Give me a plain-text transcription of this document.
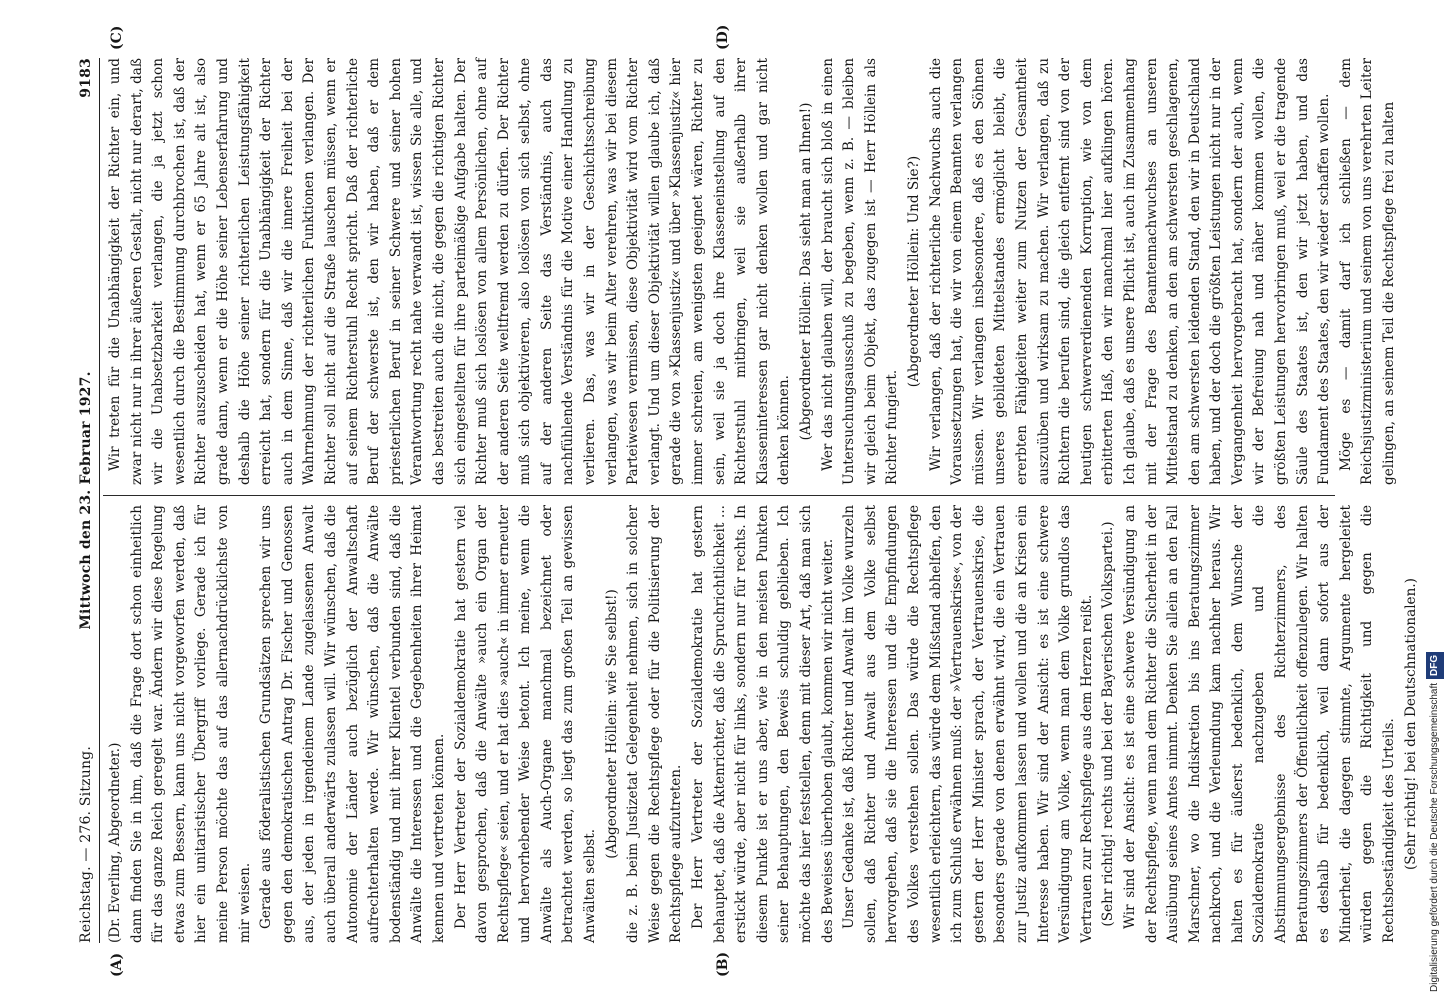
Reichstag. — 276. Sitzung.
Mittwoch den 23. Februar 1927.
9183

(Dr. Everling, Abgeordneter.) dann finden Sie in ihm, daß die Frage dort schon einheitlich für das ganze Reich geregelt war. Ändern wir diese Regelung etwas zum Bessern, kann uns nicht vorgeworfen werden, daß hier ein unitaristischer Übergriff vorliege. Gerade ich für meine Person möchte das auf das allernachdrücklichste von mir weisen. Gerade aus föderalistischen Grundsätzen sprechen wir uns gegen den demokratischen Antrag Dr. Fischer und Genossen aus, der jeden in irgendeinem Lande zugelassenen Anwalt auch überall anderwärts zulassen will. Wir wünschen, daß die Autonomie der Länder auch bezüglich der Anwaltschaft aufrechterhalten werde. Wir wünschen, daß die Anwälte bodenständig und mit ihrer Klientel verbunden sind, daß die Anwälte die Interessen und die Gegebenheiten ihrer Heimat kennen und vertreten können. Der Herr Vertreter der Sozialdemokratie hat gestern viel davon gesprochen, daß die Anwälte »auch ein Organ der Rechtspflege« seien, und er hat dies »auch« in immer erneuter und hervorhebender Weise betont. Ich meine, wenn die Anwälte als Auch-Organe manchmal bezeichnet oder betrachtet werden, so liegt das zum großen Teil an gewissen Anwälten selbst.

(Abgeordneter Höllein: wie Sie selbst!) die z. B. beim Justizetat Gelegenheit nehmen, sich in solcher Weise gegen die Rechtspflege oder für die Politisierung der Rechtspflege aufzutreten. Der Herr Vertreter der Sozialdemokratie hat gestern behauptet, daß die Aktenrichter, daß die Spruchrichtlichkeit ... erstickt würde, aber nicht für links, sondern nur für rechts. In diesem Punkte ist er uns aber, wie in den meisten Punkten seiner Behauptungen, den Beweis schuldig geblieben. Ich möchte das hier feststellen, denn mit dieser Art, daß man sich des Beweises überhoben glaubt, kommen wir nicht weiter. Unser Gedanke ist, daß Richter und Anwalt im Volke wurzeln sollen, daß Richter und Anwalt aus dem Volke selbst hervorgehen, daß sie die Interessen und die Empfindungen des Volkes verstehen sollen. Das würde die Rechtspflege wesentlich erleichtern, das würde dem Mißstand abhelfen, den ich zum Schluß erwähnen muß: der »Vertrauenskrise«, von der gestern der Herr Minister sprach, der Vertrauenskrise, die besonders gerade von denen erwähnt wird, die ein Vertrauen zur Justiz aufkommen lassen und wollen und die an Krisen ein Interesse haben. Wir sind der Ansicht: es ist eine schwere Versündigung am Volke, wenn man dem Volke grundlos das Vertrauen zur Rechtspflege aus dem Herzen reißt. (Sehr richtig! rechts und bei der Bayerischen Volkspartei.) Wir sind der Ansicht: es ist eine schwere Versündigung an der Rechtspflege, wenn man dem Richter die Sicherheit in der Ausübung seines Amtes nimmt. Denken Sie allein an den Fall Marschner, wo die Indiskretion bis ins Beratungszimmer nachkroch, und die Verleumdung kam nachher heraus. Wir halten es für äußerst bedenklich, dem Wunsche der Sozialdemokratie nachzugeben und die Abstimmungsergebnisse des Richterzimmers, des Beratungszimmers der Öffentlichkeit offenzulegen. Wir halten es deshalb für bedenklich, weil dann sofort aus der Minderheit, die dagegen stimmte, Argumente hergeleitet würden gegen die Richtigkeit und gegen die Rechtsbeständigkeit des Urteils. (Sehr richtig! bei den Deutschnationalen.)

Wir treten für die Unabhängigkeit der Richter ein, und zwar nicht nur in ihrer äußeren Gestalt, nicht nur derart, daß wir die Unabsetzbarkeit verlangen, die ja jetzt schon wesentlich durch die Bestimmung durchbrochen ist, daß der Richter auszuscheiden hat, wenn er 65 Jahre alt ist, also grade dann, wenn er die Höhe seiner Lebenserfahrung und deshalb die Höhe seiner richterlichen Leistungsfähigkeit erreicht hat, sondern für die Unabhängigkeit der Richter auch in dem Sinne, daß wir die innere Freiheit bei der Wahrnehmung der richterlichen Funktionen verlangen. Der Richter soll nicht auf die Straße lauschen müssen, wenn er auf seinem Richterstuhl Recht spricht. Daß der richterliche Beruf der schwerste ist, den wir haben, daß er dem priesterlichen Beruf in seiner Schwere und seiner hohen Verantwortung recht nahe verwandt ist, wissen Sie alle, und das bestreiten auch die nicht, die gegen die richtigen Richter sich eingestellten für ihre parteimäßige Aufgabe halten. Der Richter muß sich loslösen von allem Persönlichen, ohne auf der anderen Seite weltfremd werden zu dürfen. Der Richter muß sich objektivieren, also loslösen von sich selbst, ohne auf der anderen Seite das Verständnis, auch das nachfühlende Verständnis für die Motive einer Handlung zu verlieren. Das, was wir in der Geschichtsschreibung verlangen, was wir beim Alter verehren, was wir bei diesem Parteiwesen vermissen, diese Objektivität wird vom Richter verlangt. Und um dieser Objektivität willen glaube ich, daß gerade die von »Klassenjustiz« und über »Klassenjustiz« hier immer schreien, am wenigsten geeignet wären, Richter zu sein, weil sie ja doch ihre Klasseneinstellung auf den Richterstuhl mitbringen, weil sie außerhalb ihrer Klasseninteressen gar nicht denken wollen und gar nicht denken können. (Abgeordneter Höllein: Das sieht man an Ihnen!) Wer das nicht glauben will, der braucht sich bloß in einen Untersuchungsausschuß zu begeben, wenn z. B. — bleiben wir gleich beim Objekt, das zugegen ist — Herr Höllein als Richter fungiert.

(Abgeordneter Höllein: Und Sie?) Wir verlangen, daß der richterliche Nachwuchs auch die Voraussetzungen hat, die wir von einem Beamten verlangen müssen. Wir verlangen insbesondere, daß es den Söhnen unseres gebildeten Mittelstandes ermöglicht bleibt, die ererbten Fähigkeiten weiter zum Nutzen der Gesamtheit auszuüben und wirksam zu machen. Wir verlangen, daß zu Richtern die berufen sind, die gleich entfernt sind von der heutigen schwerverdienenden Korruption, wie von dem erbitterten Haß, den wir manchmal hier aufklingen hören. Ich glaube, daß es unsere Pflicht ist, auch im Zusammenhang mit der Frage des Beamtennachwuchses an unseren Mittelstand zu denken, an den am schwersten geschlagenen, den am schwersten leidenden Stand, den wir in Deutschland haben, und der doch die größten Leistungen nicht nur in der Vergangenheit hervorgebracht hat, sondern der auch, wenn wir der Befreiung nah und näher kommen wollen, die größten Leistungen hervorbringen muß, weil er die tragende Säule des Staates ist, den wir jetzt haben, und das Fundament des Staates, den wir wieder schaffen wollen. Möge es — damit darf ich schließen — dem Reichsjustizministerium und seinem von uns verehrten Leiter gelingen, an seinem Teil die Rechtspflege frei zu halten

(A)	(B)
(C)	(D)
Digitalisierung gefördert durch die Deutsche ForschungsgemeinschaftDFG
